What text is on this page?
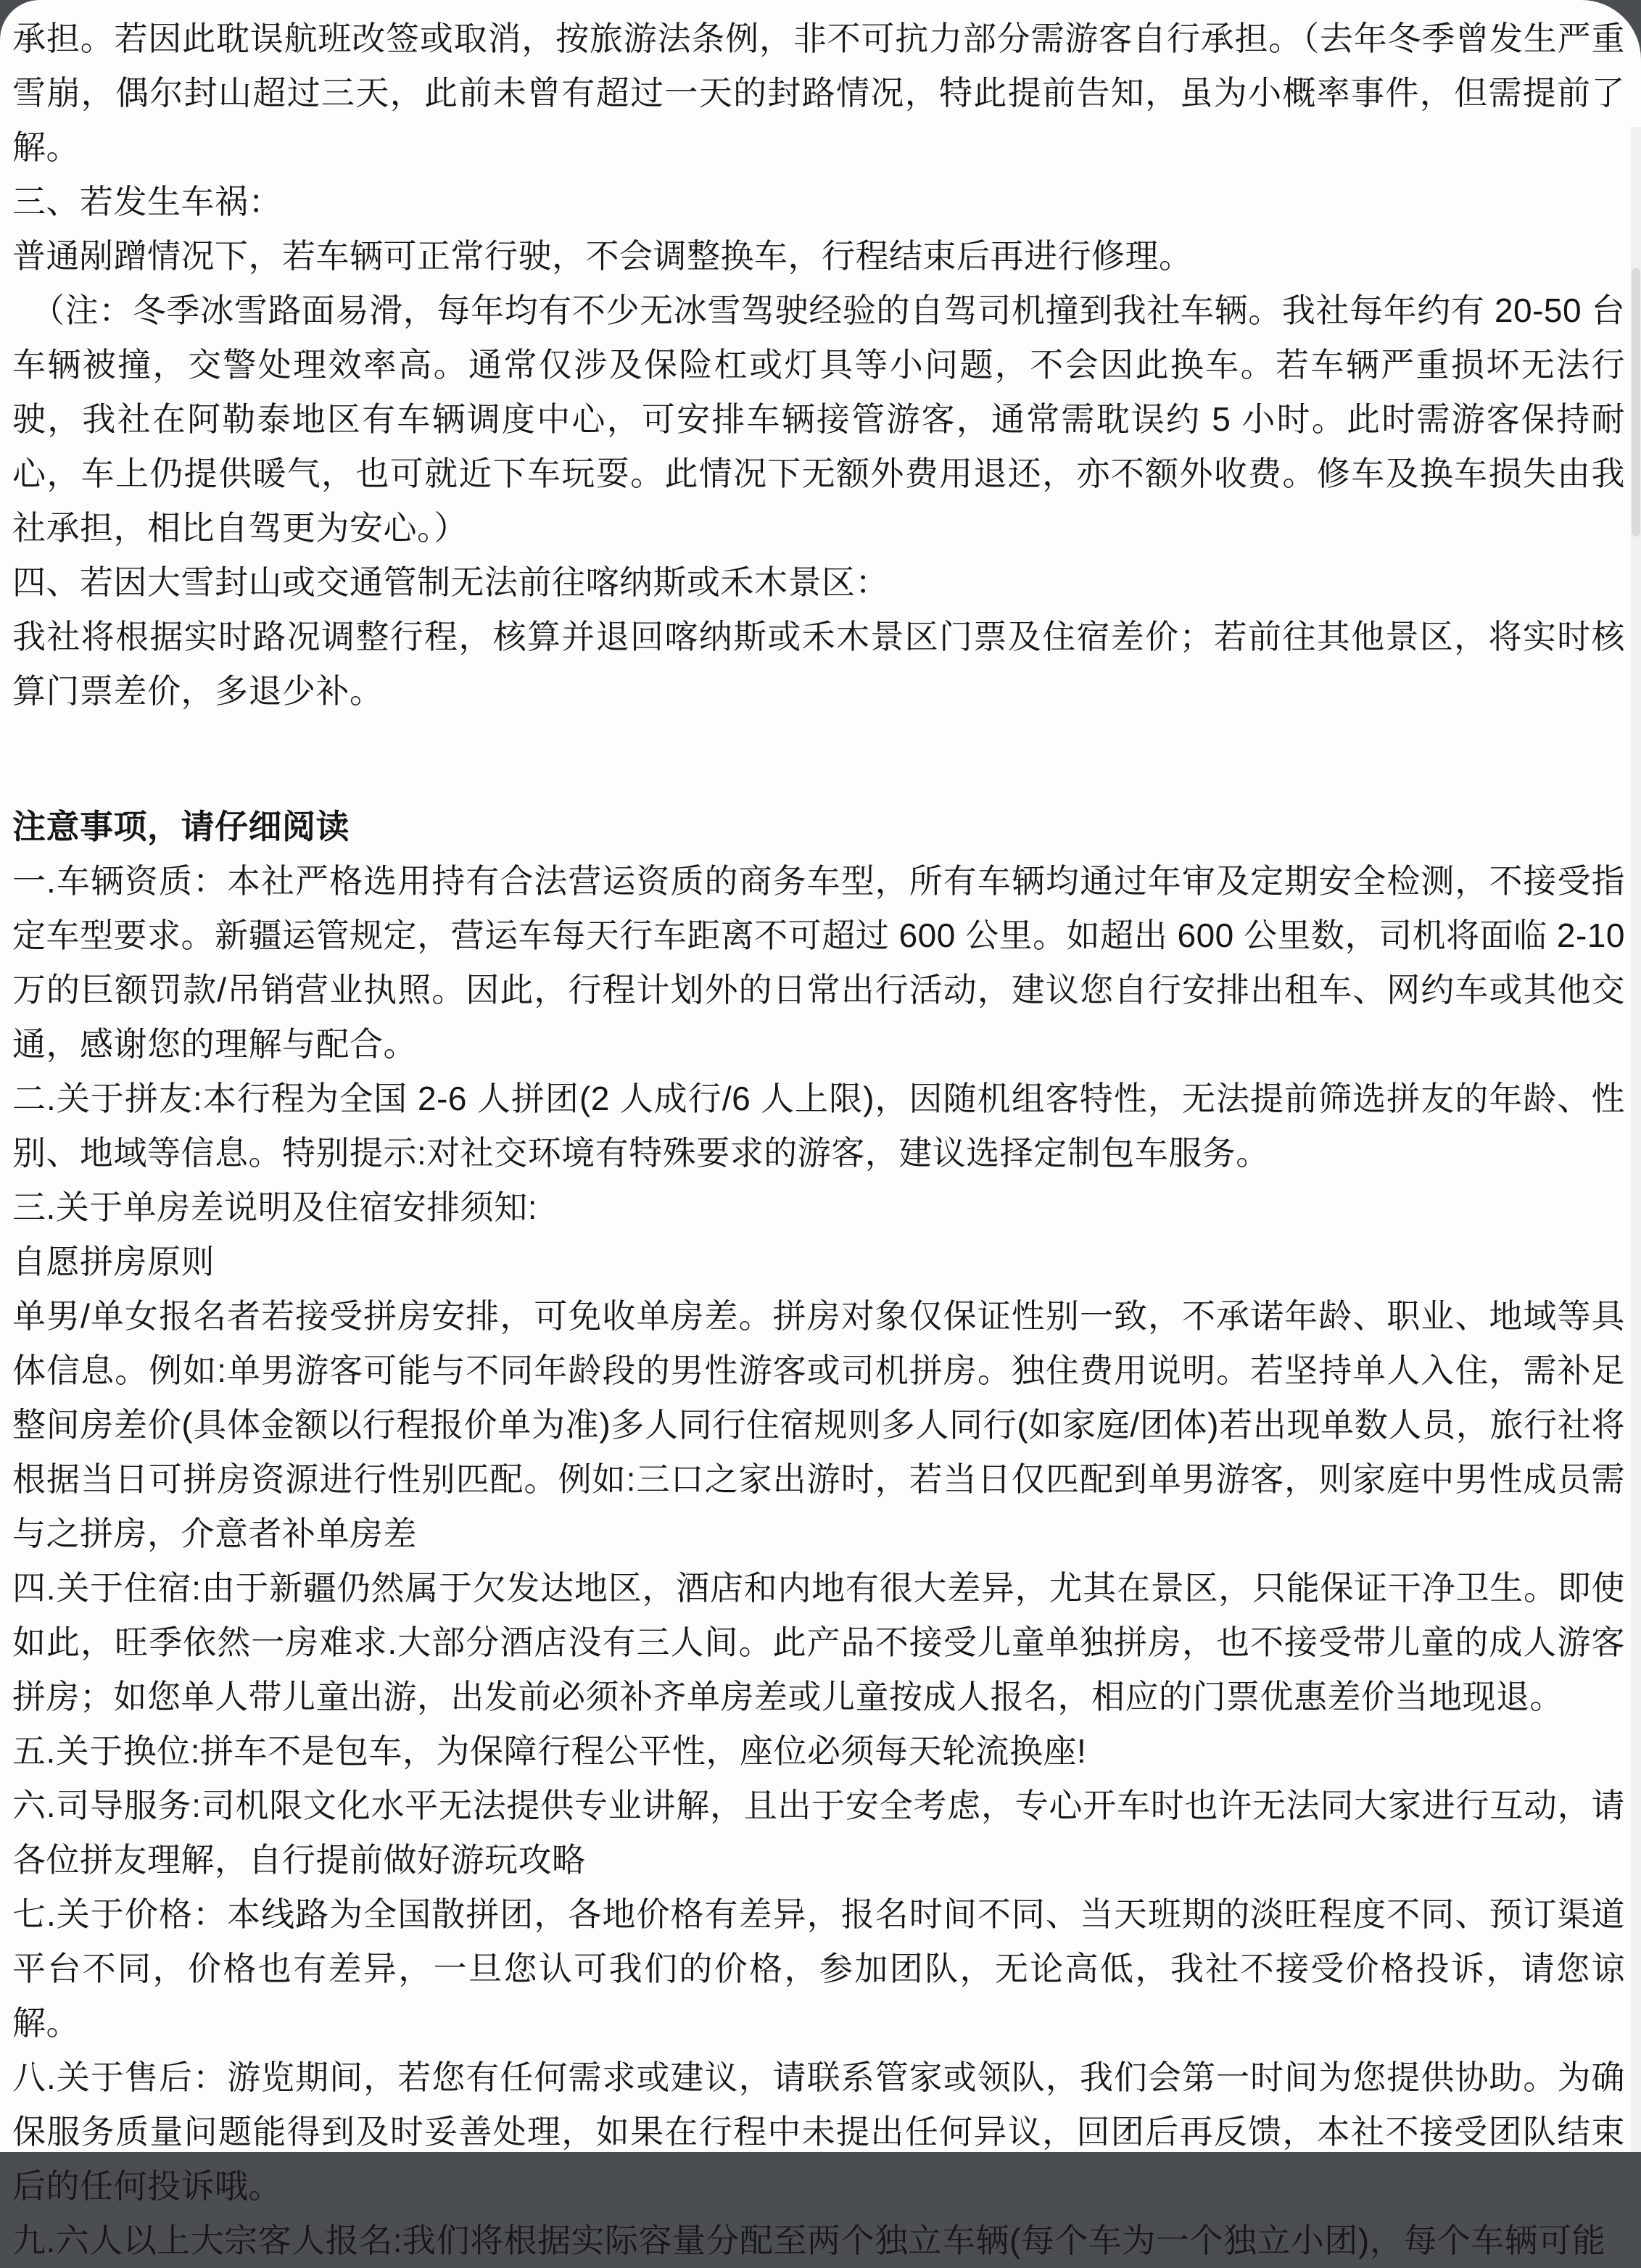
承担。若因此耽误航班改签或取消，按旅游法条例，非不可抗力部分需游客自行承担。（去年冬季曾发生严重雪崩，偶尔封山超过三天，此前未曾有超过一天的封路情况，特此提前告知，虽为小概率事件，但需提前了解。

三、若发生车祸：

普通剐蹭情况下，若车辆可正常行驶，不会调整换车，行程结束后再进行修理。

（注：冬季冰雪路面易滑，每年均有不少无冰雪驾驶经验的自驾司机撞到我社车辆。我社每年约有 20-50 台车辆被撞，交警处理效率高。通常仅涉及保险杠或灯具等小问题，不会因此换车。若车辆严重损坏无法行驶，我社在阿勒泰地区有车辆调度中心，可安排车辆接管游客，通常需耽误约 5 小时。此时需游客保持耐心，车上仍提供暖气，也可就近下车玩耍。此情况下无额外费用退还，亦不额外收费。修车及换车损失由我社承担，相比自驾更为安心。）

四、若因大雪封山或交通管制无法前往喀纳斯或禾木景区：

我社将根据实时路况调整行程，核算并退回喀纳斯或禾木景区门票及住宿差价；若前往其他景区，将实时核算门票差价，多退少补。

注意事项，请仔细阅读

一.车辆资质：本社严格选用持有合法营运资质的商务车型，所有车辆均通过年审及定期安全检测，不接受指定车型要求。新疆运管规定，营运车每天行车距离不可超过 600 公里。如超出 600 公里数，司机将面临 2-10 万的巨额罚款/吊销营业执照。因此，行程计划外的日常出行活动，建议您自行安排出租车、网约车或其他交通，感谢您的理解与配合。

二.关于拼友:本行程为全国 2-6 人拼团(2 人成行/6 人上限)，因随机组客特性，无法提前筛选拼友的年龄、性别、地域等信息。特别提示:对社交环境有特殊要求的游客，建议选择定制包车服务。

三.关于单房差说明及住宿安排须知:

自愿拼房原则

单男/单女报名者若接受拼房安排，可免收单房差。拼房对象仅保证性别一致，不承诺年龄、职业、地域等具体信息。例如:单男游客可能与不同年龄段的男性游客或司机拼房。独住费用说明。若坚持单人入住，需补足整间房差价(具体金额以行程报价单为准)多人同行住宿规则多人同行(如家庭/团体)若出现单数人员，旅行社将根据当日可拼房资源进行性别匹配。例如:三口之家出游时，若当日仅匹配到单男游客，则家庭中男性成员需与之拼房，介意者补单房差

四.关于住宿:由于新疆仍然属于欠发达地区，酒店和内地有很大差异，尤其在景区，只能保证干净卫生。即使如此，旺季依然一房难求.大部分酒店没有三人间。此产品不接受儿童单独拼房，也不接受带儿童的成人游客拼房；如您单人带儿童出游，出发前必须补齐单房差或儿童按成人报名，相应的门票优惠差价当地现退。

五.关于换位:拼车不是包车，为保障行程公平性，座位必须每天轮流换座!

六.司导服务:司机限文化水平无法提供专业讲解，且出于安全考虑，专心开车时也许无法同大家进行互动，请各位拼友理解，自行提前做好游玩攻略

七.关于价格：本线路为全国散拼团，各地价格有差异，报名时间不同、当天班期的淡旺程度不同、预订渠道平台不同，价格也有差异，一旦您认可我们的价格，参加团队，无论高低，我社不接受价格投诉，请您谅解。

八.关于售后：游览期间，若您有任何需求或建议，请联系管家或领队，我们会第一时间为您提供协助。为确保服务质量问题能得到及时妥善处理，如果在行程中未提出任何异议，回团后再反馈，本社不接受团队结束后的任何投诉哦。

九.六人以上大宗客人报名:我们将根据实际容量分配至两个独立车辆(每个车为一个独立小团)，每个车辆可能
